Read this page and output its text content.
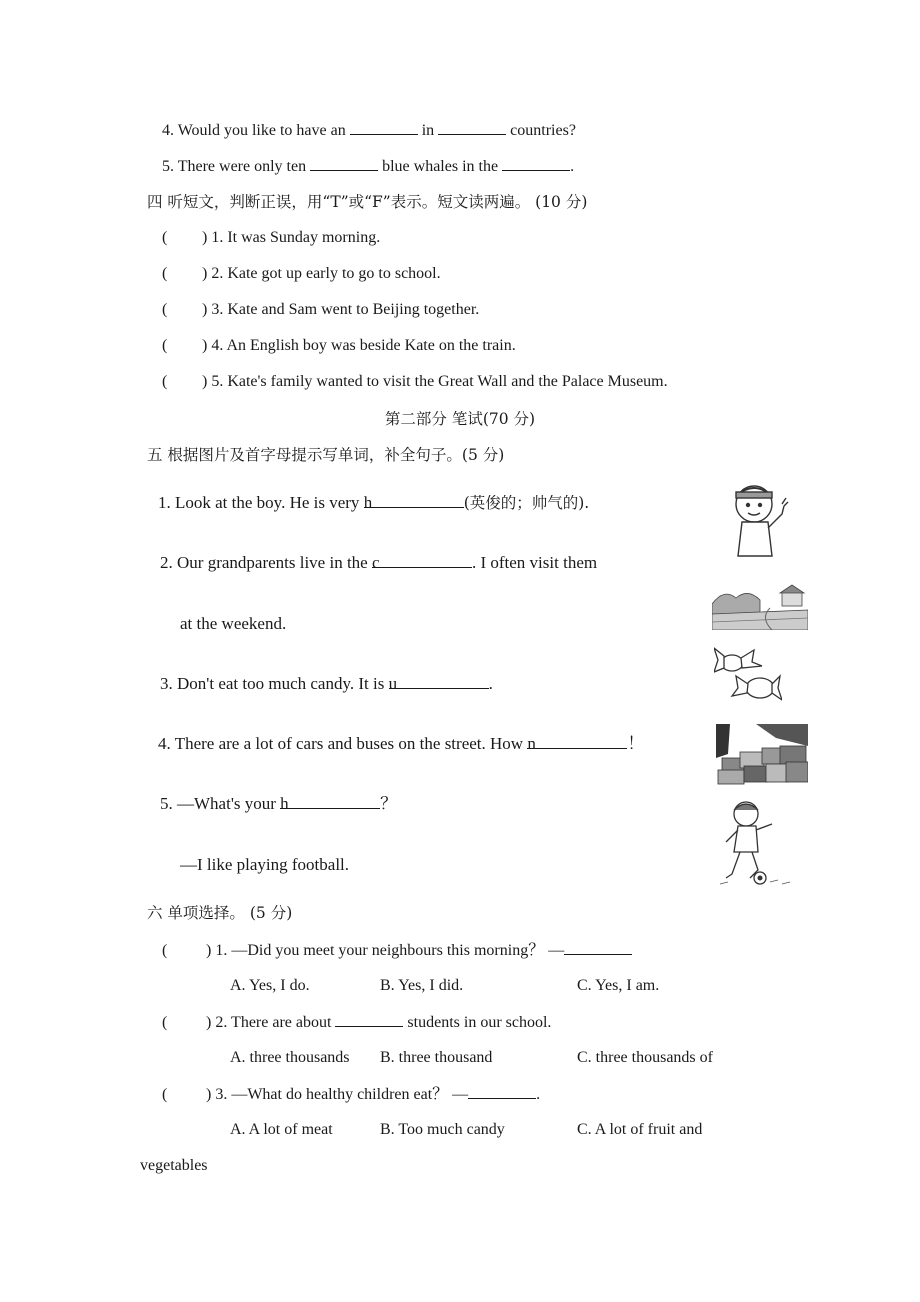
4. Would you like to have an	in	countries?
5. There were only ten	blue whales in the	.
四 听短文，判断正误，用“T”或“F”表示。短文读两遍。 (10 分)
( ) 1. It was Sunday morning.
( ) 2. Kate got up early to go to school.
( ) 3. Kate and Sam went to Beijing together.
( ) 4. An English boy was beside Kate on the train.
( ) 5. Kate's family wanted to visit the Great Wall and the Palace Museum.
第二部分 笔试(70 分)
五 根据图片及首字母提示写单词，补全句子。(5 分)
1. Look at the boy. He is very h	(英俊的；帅气的).
2. Our grandparents live in the c	. I often visit them
at the weekend.
3. Don't eat too much candy. It is u	.
4. There are a lot of cars and buses on the street. How n	！
5. —What's your h	？
—I like playing football.
六 单项选择。 (5 分)
( ) 1. —Did you meet your neighbours this morning？ —
A. Yes, I do.	B. Yes, I did.	C. Yes, I am.
( ) 2. There are about	students in our school.
A. three thousands B. three thousand	C. three thousands of
( ) 3. —What do healthy children eat？ —	.
A. A lot of meat	B. Too much candy	C. A lot of fruit and
vegetables
